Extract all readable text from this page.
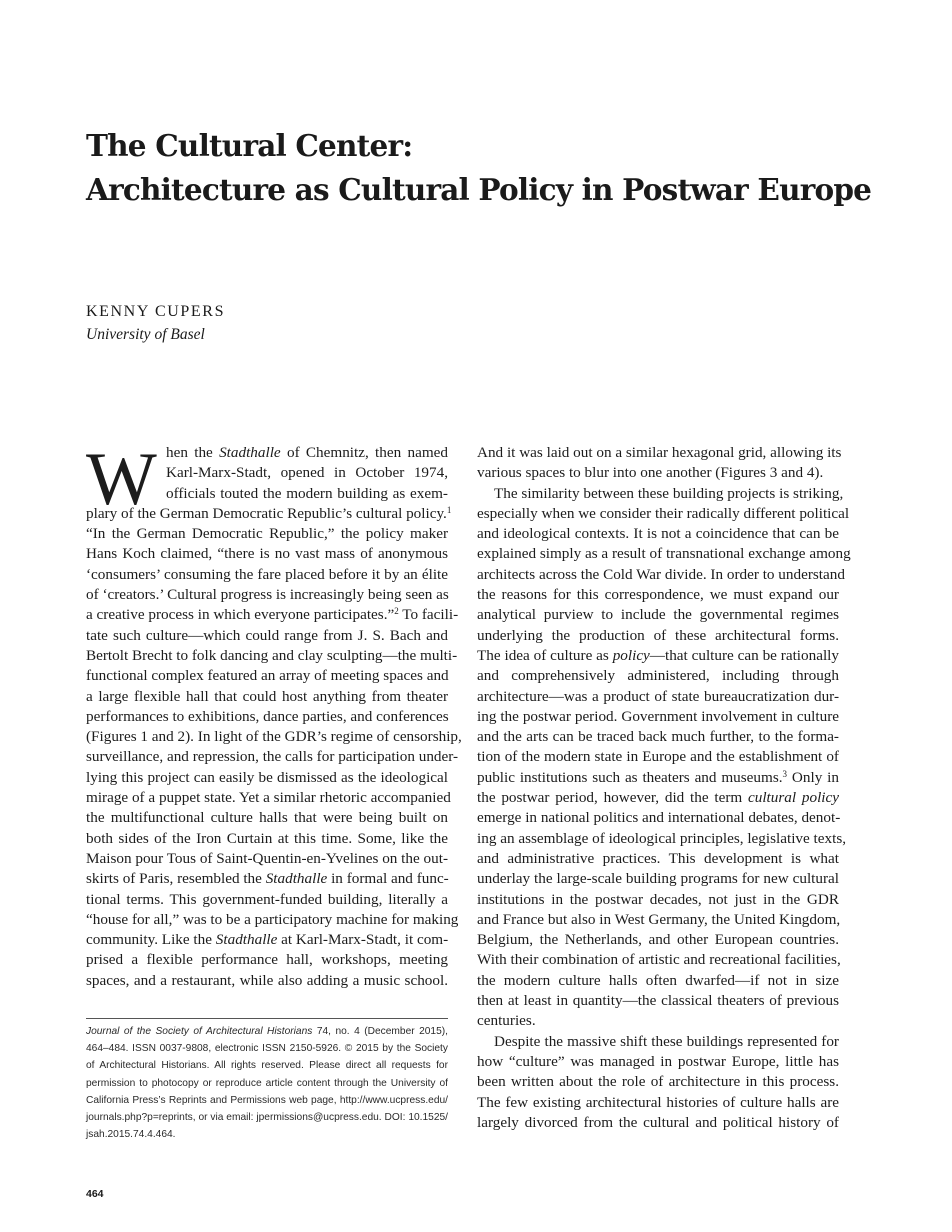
The Cultural Center:
Architecture as Cultural Policy in Postwar Europe
KENNY CUPERS
University of Basel
W hen the Stadthalle of Chemnitz, then named
Karl-Marx-Stadt, opened in October 1974,
officials touted the modern building as exem-
plary of the German Democratic Republic’s cultural policy.$^1$
“In the German Democratic Republic,” the policy maker
Hans Koch claimed, “there is no vast mass of anonymous
‘consumers’ consuming the fare placed before it by an élite
of ‘creators.’ Cultural progress is increasingly being seen as
a creative process in which everyone participates.”$^2$ To facili-
tate such culture—which could range from J. S. Bach and
Bertolt Brecht to folk dancing and clay sculpting—the multi-
functional complex featured an array of meeting spaces and
a large flexible hall that could host anything from theater
performances to exhibitions, dance parties, and conferences
(Figures 1 and 2). In light of the GDR’s regime of censorship,
surveillance, and repression, the calls for participation under-
lying this project can easily be dismissed as the ideological
mirage of a puppet state. Yet a similar rhetoric accompanied
the multifunctional culture halls that were being built on
both sides of the Iron Curtain at this time. Some, like the
Maison pour Tous of Saint-Quentin-en-Yvelines on the out-
skirts of Paris, resembled the Stadthalle in formal and func-
tional terms. This government-funded building, literally a
“house for all,” was to be a participatory machine for making
community. Like the Stadthalle at Karl-Marx-Stadt, it com-
prised a flexible performance hall, workshops, meeting
spaces, and a restaurant, while also adding a music school.

Journal of the Society of Architectural Historians 74, no. 4 (December 2015),
464–484. ISSN 0037-9808, electronic ISSN 2150-5926. © 2015 by the Society
of Architectural Historians. All rights reserved. Please direct all requests for
permission to photocopy or reproduce article content through the University of
California Press’s Reprints and Permissions web page, http://www.ucpress.edu/
journals.php?p=reprints, or via email: jpermissions@ucpress.edu. DOI: 10.1525/
jsah.2015.74.4.464.

And it was laid out on a similar hexagonal grid, allowing its
various spaces to blur into one another (Figures 3 and 4).

The similarity between these building projects is striking,
especially when we consider their radically different political
and ideological contexts. It is not a coincidence that can be
explained simply as a result of transnational exchange among
architects across the Cold War divide. In order to understand
the reasons for this correspondence, we must expand our
analytical purview to include the governmental regimes
underlying the production of these architectural forms.
The idea of culture as policy—that culture can be rationally
and comprehensively administered, including through
architecture—was a product of state bureaucratization dur-
ing the postwar period. Government involvement in culture
and the arts can be traced back much further, to the forma-
tion of the modern state in Europe and the establishment of
public institutions such as theaters and museums.$^3$ Only in
the postwar period, however, did the term cultural policy
emerge in national politics and international debates, denot-
ing an assemblage of ideological principles, legislative texts,
and administrative practices. This development is what
underlay the large-scale building programs for new cultural
institutions in the postwar decades, not just in the GDR
and France but also in West Germany, the United Kingdom,
Belgium, the Netherlands, and other European countries.
With their combination of artistic and recreational facilities,
the modern culture halls often dwarfed—if not in size
then at least in quantity—the classical theaters of previous
centuries.

Despite the massive shift these buildings represented for
how “culture” was managed in postwar Europe, little has
been written about the role of architecture in this process.
The few existing architectural histories of culture halls are
largely divorced from the cultural and political history of

464
